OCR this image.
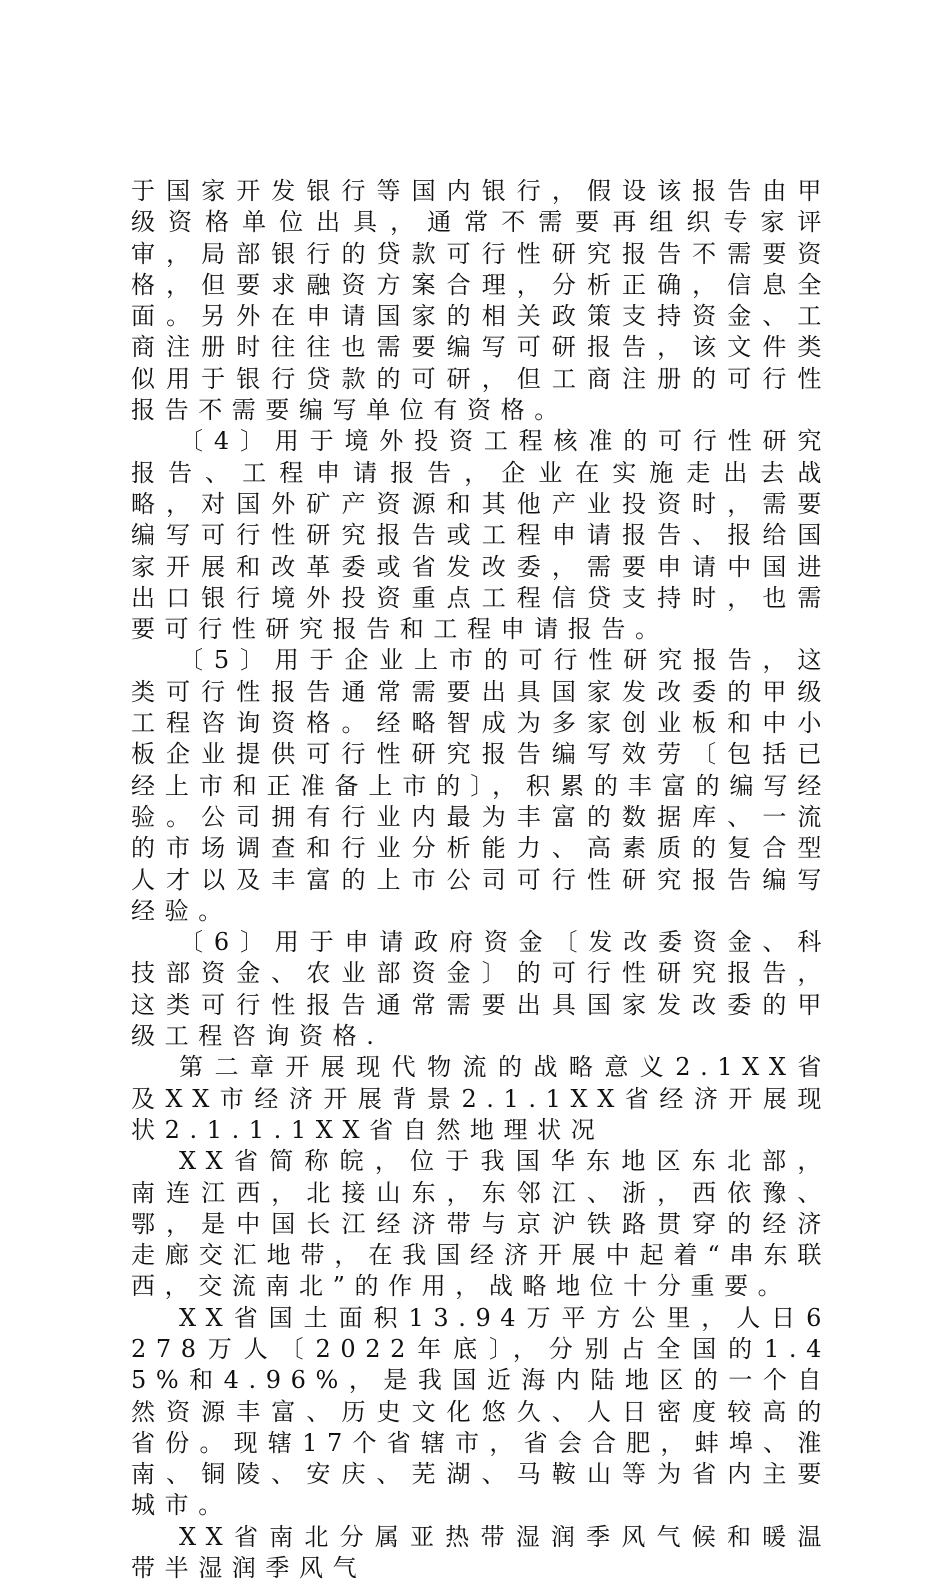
于国家开发银行等国内银行，假设该报告由甲级资格单位出具，通常不需要再组织专家评审，局部银行的贷款可行性研究报告不需要资格，但要求融资方案合理，分析正确，信息全面。另外在申请国家的相关政策支持资金、工商注册时往往也需要编写可研报告，该文件类似用于银行贷款的可研，但工商注册的可行性报告不需要编写单位有资格。

〔4〕用于境外投资工程核准的可行性研究报告、工程申请报告，企业在实施走出去战略，对国外矿产资源和其他产业投资时，需要编写可行性研究报告或工程申请报告、报给国家开展和改革委或省发改委，需要申请中国进出口银行境外投资重点工程信贷支持时，也需要可行性研究报告和工程申请报告。

〔5〕用于企业上市的可行性研究报告，这类可行性报告通常需要出具国家发改委的甲级工程咨询资格。经略智成为多家创业板和中小板企业提供可行性研究报告编写效劳〔包括已经上市和正准备上市的〕，积累的丰富的编写经验。公司拥有行业内最为丰富的数据库、一流的市场调查和行业分析能力、高素质的复合型人才以及丰富的上市公司可行性研究报告编写经验。

〔6〕用于申请政府资金〔发改委资金、科技部资金、农业部资金〕的可行性研究报告，这类可行性报告通常需要出具国家发改委的甲级工程咨询资格.

第二章开展现代物流的战略意义2.1XX省及XX市经济开展背景2.1.1XX省经济开展现状2.1.1.1XX省自然地理状况

XX省简称皖，位于我国华东地区东北部，南连江西，北接山东，东邻江、浙，西依豫、鄂，是中国长江经济带与京沪铁路贯穿的经济走廊交汇地带，在我国经济开展中起着“串东联西，交流南北”的作用，战略地位十分重要。

XX省国土面积13.94万平方公里，人日6278万人〔2022年底〕，分别占全国的1.45%和4.96%，是我国近海内陆地区的一个自然资源丰富、历史文化悠久、人日密度较高的省份。现辖17个省辖市，省会合肥，蚌埠、淮南、铜陵、安庆、芜湖、马鞍山等为省内主要城市。

XX省南北分属亚热带湿润季风气候和暖温带半湿润季风气
